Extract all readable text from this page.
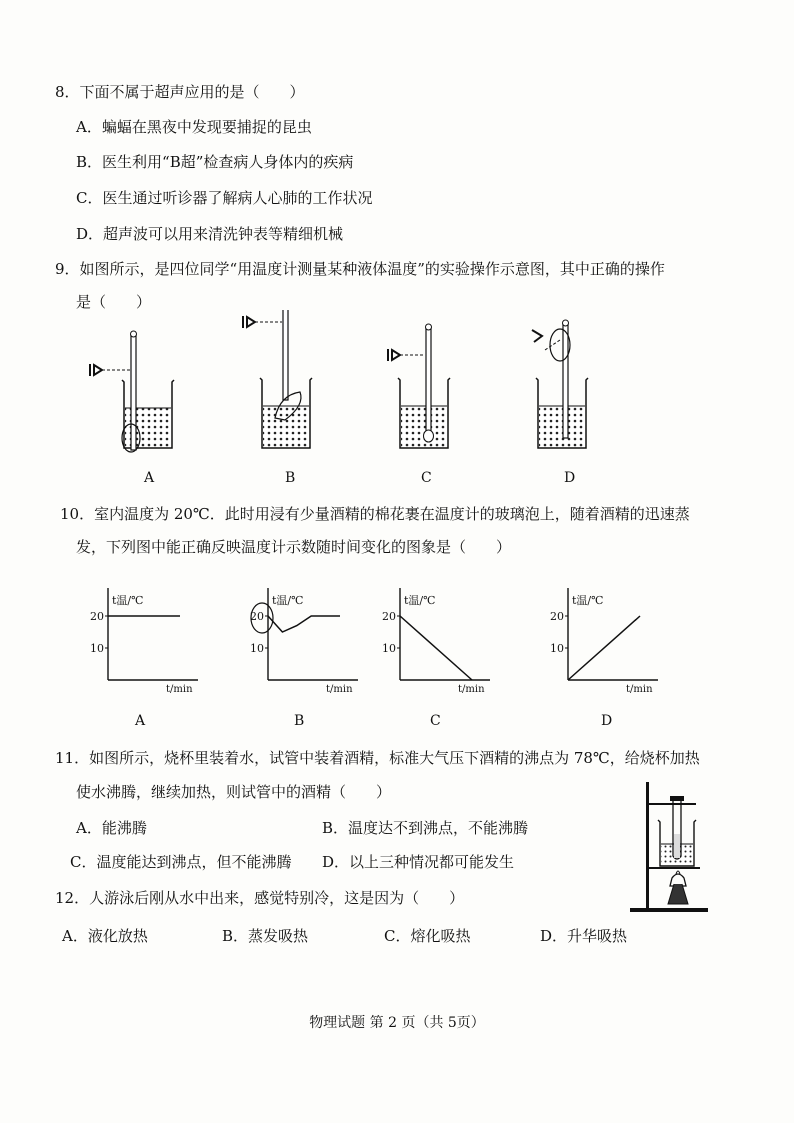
8．下面不属于超声应用的是（　　）
A．蝙蝠在黑夜中发现要捕捉的昆虫
B．医生利用“B超”检查病人身体内的疾病
C．医生通过听诊器了解病人心肺的工作状况
D．超声波可以用来清洗钟表等精细机械
9．如图所示，是四位同学“用温度计测量某种液体温度”的实验操作示意图，其中正确的操作
是（　　）
A	B	C	D
10．室内温度为 20℃．此时用浸有少量酒精的棉花裹在温度计的玻璃泡上，随着酒精的迅速蒸
发，下列图中能正确反映温度计示数随时间变化的图象是（　　）
t温/℃
t/min
20
10
t温/℃
t/min
20
10
t温/℃
t/min
20
10
t温/℃
t/min
20
10
A	B	C	D
11．如图所示，烧杯里装着水，试管中装着酒精，标准大气压下酒精的沸点为 78℃，给烧杯加热
使水沸腾，继续加热，则试管中的酒精（　　）
A．能沸腾	B．温度达不到沸点，不能沸腾
C．温度能达到沸点，但不能沸腾 D．以上三种情况都可能发生
12．人游泳后刚从水中出来，感觉特别冷，这是因为（　　）
A．液化放热	B．蒸发吸热	C．熔化吸热	D．升华吸热
物理试题 第 2 页（共 5页）
